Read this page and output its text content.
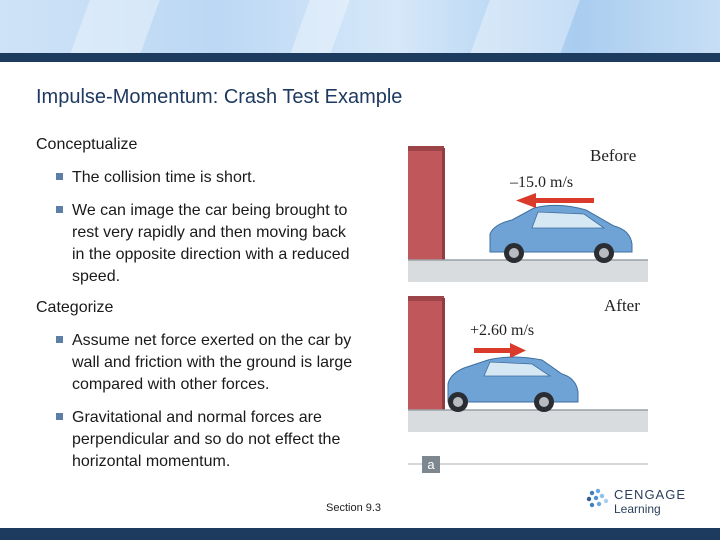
Impulse-Momentum: Crash Test Example
Conceptualize
The collision time is short.
We can image the car being brought to rest very rapidly and then moving back in the opposite direction with a reduced speed.
Categorize
Assume net force exerted on the car by wall and friction with the ground is large compared with other forces.
Gravitational and normal forces are perpendicular and so do not effect the horizontal momentum.
Before
–15.0 m/s
After
+2.60 m/s
a
Section 9.3
CENGAGE
Learning
